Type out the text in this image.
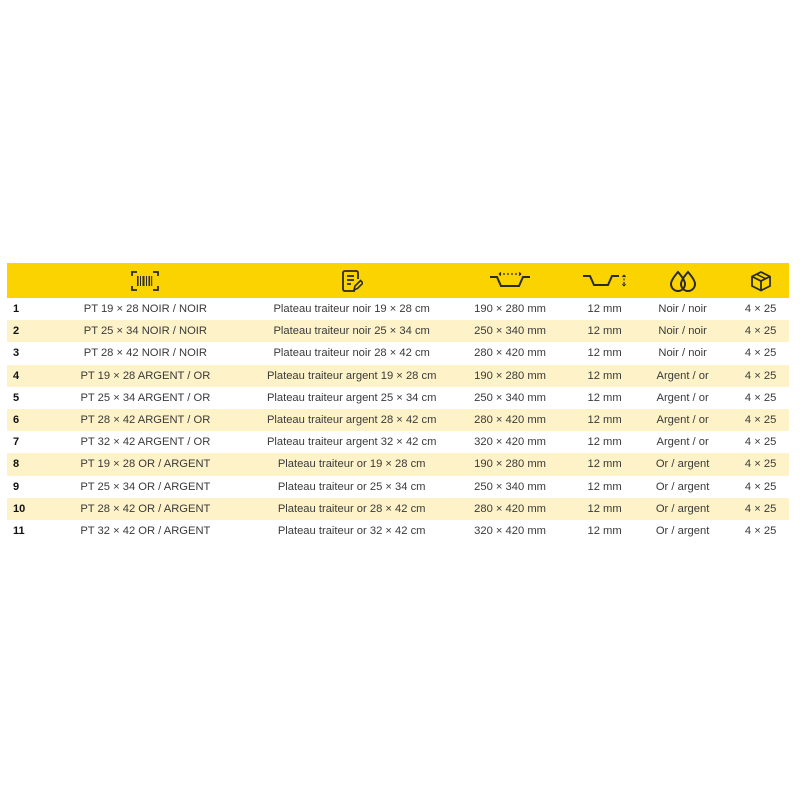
1	PT 19 × 28 NOIR / NOIR	Plateau traiteur noir 19 × 28 cm	190 × 280 mm	12 mm	Noir / noir	4 × 25
2	PT 25 × 34 NOIR / NOIR	Plateau traiteur noir 25 × 34 cm	250 × 340 mm	12 mm	Noir / noir	4 × 25
3	PT 28 × 42 NOIR / NOIR	Plateau traiteur noir 28 × 42 cm	280 × 420 mm	12 mm	Noir / noir	4 × 25
4	PT 19 × 28 ARGENT / OR	Plateau traiteur argent 19 × 28 cm	190 × 280 mm	12 mm	Argent / or	4 × 25
5	PT 25 × 34 ARGENT / OR	Plateau traiteur argent 25 × 34 cm	250 × 340 mm	12 mm	Argent / or	4 × 25
6	PT 28 × 42 ARGENT / OR	Plateau traiteur argent 28 × 42 cm	280 × 420 mm	12 mm	Argent / or	4 × 25
7	PT 32 × 42 ARGENT / OR	Plateau traiteur argent 32 × 42 cm	320 × 420 mm	12 mm	Argent / or	4 × 25
8	PT 19 × 28 OR / ARGENT	Plateau traiteur or 19 × 28 cm	190 × 280 mm	12 mm	Or / argent	4 × 25
9	PT 25 × 34 OR / ARGENT	Plateau traiteur or 25 × 34 cm	250 × 340 mm	12 mm	Or / argent	4 × 25
10	PT 28 × 42 OR / ARGENT	Plateau traiteur or 28 × 42 cm	280 × 420 mm	12 mm	Or / argent	4 × 25
11	PT 32 × 42 OR / ARGENT	Plateau traiteur or 32 × 42 cm	320 × 420 mm	12 mm	Or / argent	4 × 25
